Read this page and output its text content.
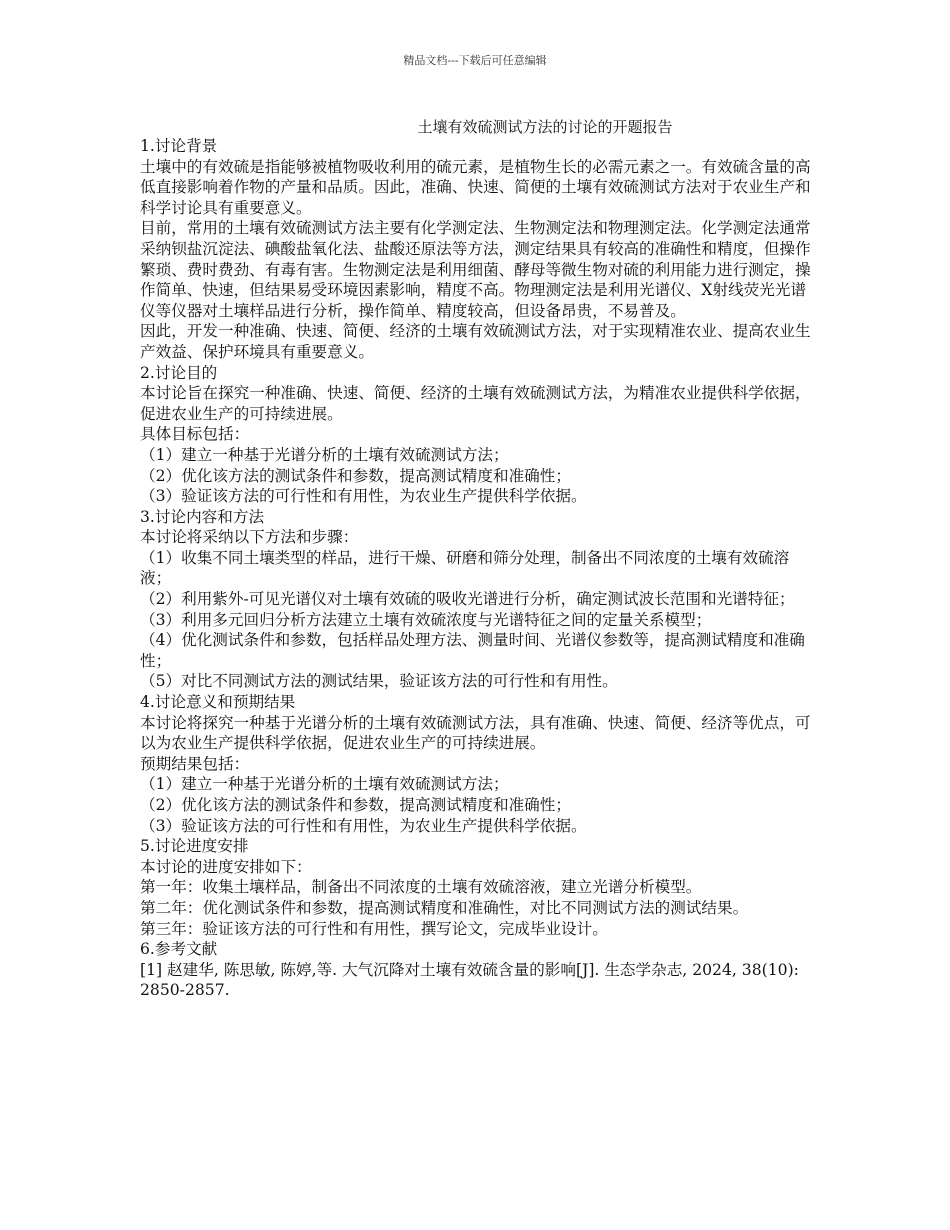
精品文档---下载后可任意编辑
土壤有效硫测试方法的讨论的开题报告

1.讨论背景

土壤中的有效硫是指能够被植物吸收利用的硫元素，是植物生长的必需元素之一。有效硫含量的高低直接影响着作物的产量和品质。因此，准确、快速、简便的土壤有效硫测试方法对于农业生产和科学讨论具有重要意义。

目前，常用的土壤有效硫测试方法主要有化学测定法、生物测定法和物理测定法。化学测定法通常采纳钡盐沉淀法、碘酸盐氧化法、盐酸还原法等方法，测定结果具有较高的准确性和精度，但操作繁琐、费时费劲、有毒有害。生物测定法是利用细菌、酵母等微生物对硫的利用能力进行测定，操作简单、快速，但结果易受环境因素影响，精度不高。物理测定法是利用光谱仪、X射线荧光光谱仪等仪器对土壤样品进行分析，操作简单、精度较高，但设备昂贵，不易普及。

因此，开发一种准确、快速、简便、经济的土壤有效硫测试方法，对于实现精准农业、提高农业生产效益、保护环境具有重要意义。

2.讨论目的

本讨论旨在探究一种准确、快速、简便、经济的土壤有效硫测试方法，为精准农业提供科学依据，促进农业生产的可持续进展。

具体目标包括：

（1）建立一种基于光谱分析的土壤有效硫测试方法；

（2）优化该方法的测试条件和参数，提高测试精度和准确性；

（3）验证该方法的可行性和有用性，为农业生产提供科学依据。

3.讨论内容和方法

本讨论将采纳以下方法和步骤：

（1）收集不同土壤类型的样品，进行干燥、研磨和筛分处理，制备出不同浓度的土壤有效硫溶液；

（2）利用紫外-可见光谱仪对土壤有效硫的吸收光谱进行分析，确定测试波长范围和光谱特征；

（3）利用多元回归分析方法建立土壤有效硫浓度与光谱特征之间的定量关系模型；

（4）优化测试条件和参数，包括样品处理方法、测量时间、光谱仪参数等，提高测试精度和准确性；

（5）对比不同测试方法的测试结果，验证该方法的可行性和有用性。

4.讨论意义和预期结果

本讨论将探究一种基于光谱分析的土壤有效硫测试方法，具有准确、快速、简便、经济等优点，可以为农业生产提供科学依据，促进农业生产的可持续进展。

预期结果包括：

（1）建立一种基于光谱分析的土壤有效硫测试方法；

（2）优化该方法的测试条件和参数，提高测试精度和准确性；

（3）验证该方法的可行性和有用性，为农业生产提供科学依据。

5.讨论进度安排

本讨论的进度安排如下：

第一年：收集土壤样品，制备出不同浓度的土壤有效硫溶液，建立光谱分析模型。

第二年：优化测试条件和参数，提高测试精度和准确性，对比不同测试方法的测试结果。

第三年：验证该方法的可行性和有用性，撰写论文，完成毕业设计。

6.参考文献

[1] 赵建华, 陈思敏, 陈婷,等. 大气沉降对土壤有效硫含量的影响[J]. 生态学杂志, 2024, 38(10): 2850-2857.
